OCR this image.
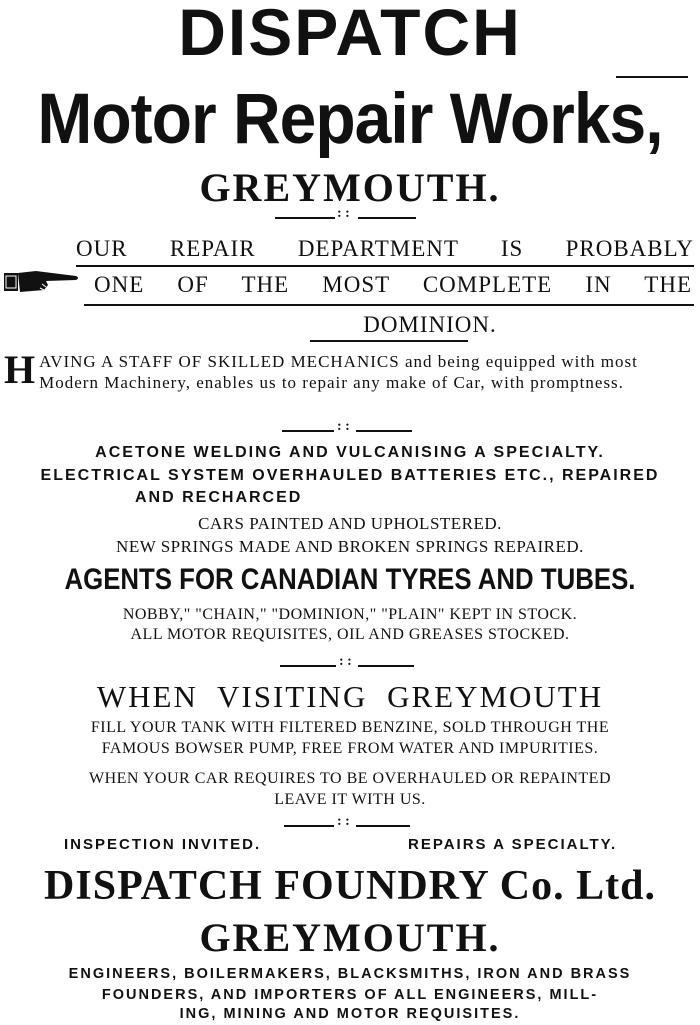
DISPATCH
Motor Repair Works,
GREYMOUTH.
: :
OUR REPAIR DEPARTMENT IS PROBABLY
ONE OF THE MOST COMPLETE IN THE
DOMINION.
H AVING A STAFF OF SKILLED MECHANICS and being equipped with most Modern Machinery, enables us to repair any make of Car, with promptness.
: :
ACETONE WELDING AND VULCANISING A SPECIALTY.
ELECTRICAL SYSTEM OVERHAULED BATTERIES ETC., REPAIRED
AND RECHARCED
CARS PAINTED AND UPHOLSTERED.
NEW SPRINGS MADE AND BROKEN SPRINGS REPAIRED.
AGENTS FOR CANADIAN TYRES AND TUBES.
NOBBY," "CHAIN," "DOMINION," "PLAIN" KEPT IN STOCK.
ALL MOTOR REQUISITES, OIL AND GREASES STOCKED.
: :
WHEN VISITING GREYMOUTH
FILL YOUR TANK WITH FILTERED BENZINE, SOLD THROUGH THE
FAMOUS BOWSER PUMP, FREE FROM WATER AND IMPURITIES.
WHEN YOUR CAR REQUIRES TO BE OVERHAULED OR REPAINTED
LEAVE IT WITH US.
: :
INSPECTION INVITED.	REPAIRS A SPECIALTY.
DISPATCH FOUNDRY Co. Ltd.
GREYMOUTH.
ENGINEERS, BOILERMAKERS, BLACKSMITHS, IRON AND BRASS
FOUNDERS, AND IMPORTERS OF ALL ENGINEERS, MILL-
ING, MINING AND MOTOR REQUISITES.
